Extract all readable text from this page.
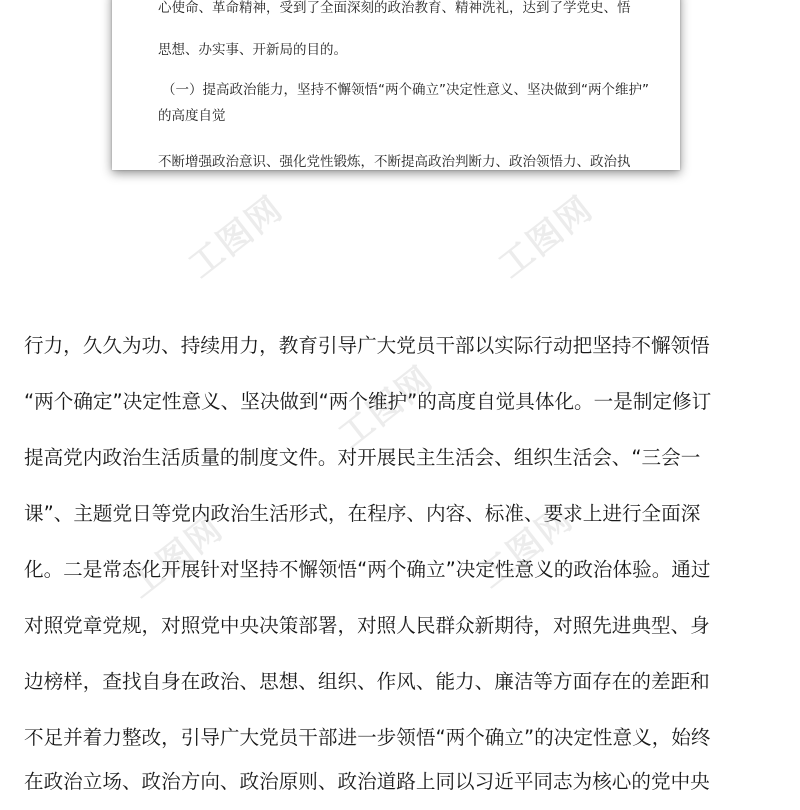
工图网	工图网
工图网
工图网	工图网
心使命、革命精神，受到了全面深刻的政治教育、精神洗礼，达到了学党史、悟
思想、办实事、开新局的目的。
（一）提高政治能力，坚持不懈领悟“两个确立”决定性意义、坚决做到“两个维护”
的高度自觉
不断增强政治意识、强化党性锻炼，不断提高政治判断力、政治领悟力、政治执
行力，久久为功、持续用力，教育引导广大党员干部以实际行动把坚持不懈领悟
“两个确定”决定性意义、坚决做到“两个维护”的高度自觉具体化。一是制定修订
提高党内政治生活质量的制度文件。对开展民主生活会、组织生活会、“三会一
课”、主题党日等党内政治生活形式，在程序、内容、标准、要求上进行全面深
化。二是常态化开展针对坚持不懈领悟“两个确立”决定性意义的政治体验。通过
对照党章党规，对照党中央决策部署，对照人民群众新期待，对照先进典型、身
边榜样，查找自身在政治、思想、组织、作风、能力、廉洁等方面存在的差距和
不足并着力整改，引导广大党员干部进一步领悟“两个确立”的决定性意义，始终
在政治立场、政治方向、政治原则、政治道路上同以习近平同志为核心的党中央
